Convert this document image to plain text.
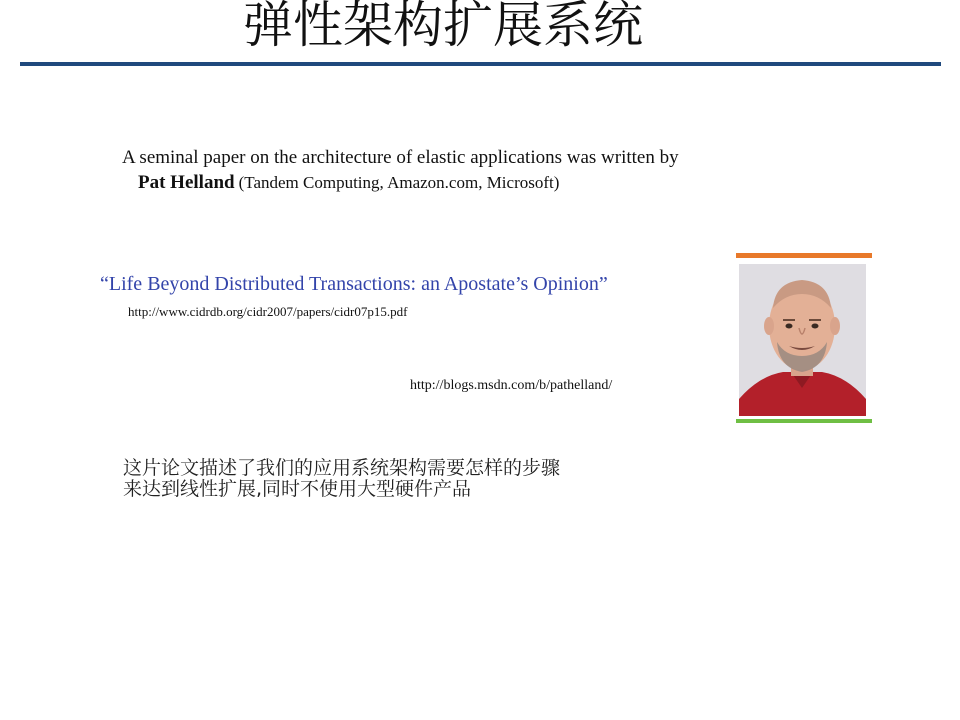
弹性架构扩展系统
A seminal paper on the architecture of elastic applications was written by
Pat Helland (Tandem Computing, Amazon.com, Microsoft)
“Life Beyond Distributed Transactions: an Apostate’s Opinion”
http://www.cidrdb.org/cidr2007/papers/cidr07p15.pdf
http://blogs.msdn.com/b/pathelland/
这片论文描述了我们的应用系统架构需要怎样的步骤
来达到线性扩展,同时不使用大型硬件产品
